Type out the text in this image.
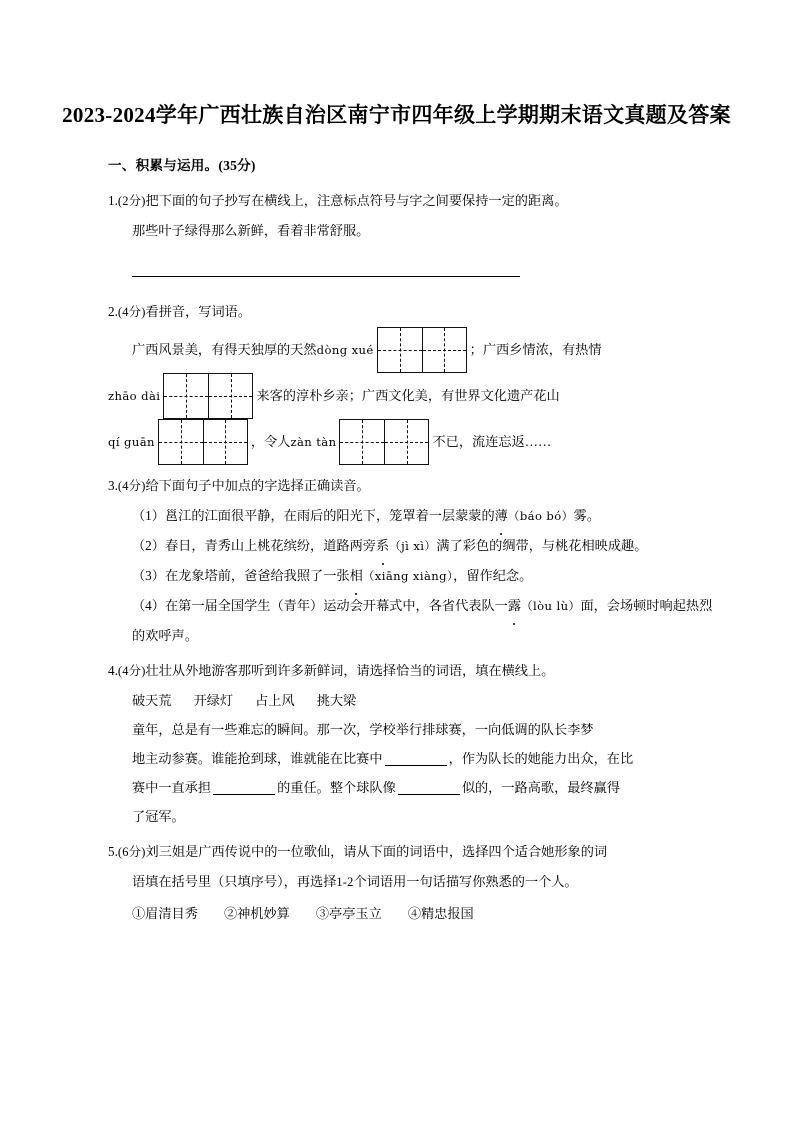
2023-2024学年广西壮族自治区南宁市四年级上学期期末语文真题及答案
一、积累与运用。(35分)
1.(2分)把下面的句子抄写在横线上，注意标点符号与字之间要保持一定的距离。
那些叶子绿得那么新鲜，看着非常舒服。
2.(4分)看拼音，写词语。
广西风景美，有得天独厚的天然 dòng xué	；广西乡情浓，有热情
zhāo dài	来客的淳朴乡亲；广西文化美，有世界文化遗产花山
qí guān	，令人 zàn tàn	不已，流连忘返……
3.(4分)给下面句子中加点的字选择正确读音。
（1）邕江的江面很平静，在雨后的阳光下，笼罩着一层蒙蒙的薄（báo bó）雾。
（2）春日，青秀山上桃花缤纷，道路两旁系（jì xì）满了彩色的绸带，与桃花相映成趣。
（3）在龙象塔前，爸爸给我照了一张相（xiāng xiàng），留作纪念。
（4）在第一届全国学生（青年）运动会开幕式中，各省代表队一露（lòu lù）面，会场顿时响起热烈的欢呼声。
4.(4分)壮壮从外地游客那听到许多新鲜词，请选择恰当的词语，填在横线上。
破天荒 开绿灯 占上风 挑大梁
童年，总是有一些难忘的瞬间。那一次，学校举行排球赛，一向低调的队长李梦
地主动参赛。谁能抢到球，谁就能在比赛中	，作为队长的她能力出众，在比
赛中一直承担	的重任。整个球队像	似的，一路高歌，最终赢得
了冠军。
5.(6分)刘三姐是广西传说中的一位歌仙，请从下面的词语中，选择四个适合她形象的词
语填在括号里（只填序号），再选择1-2个词语用一句话描写你熟悉的一个人。
①眉清目秀 ②神机妙算 ③亭亭玉立 ④精忠报国
